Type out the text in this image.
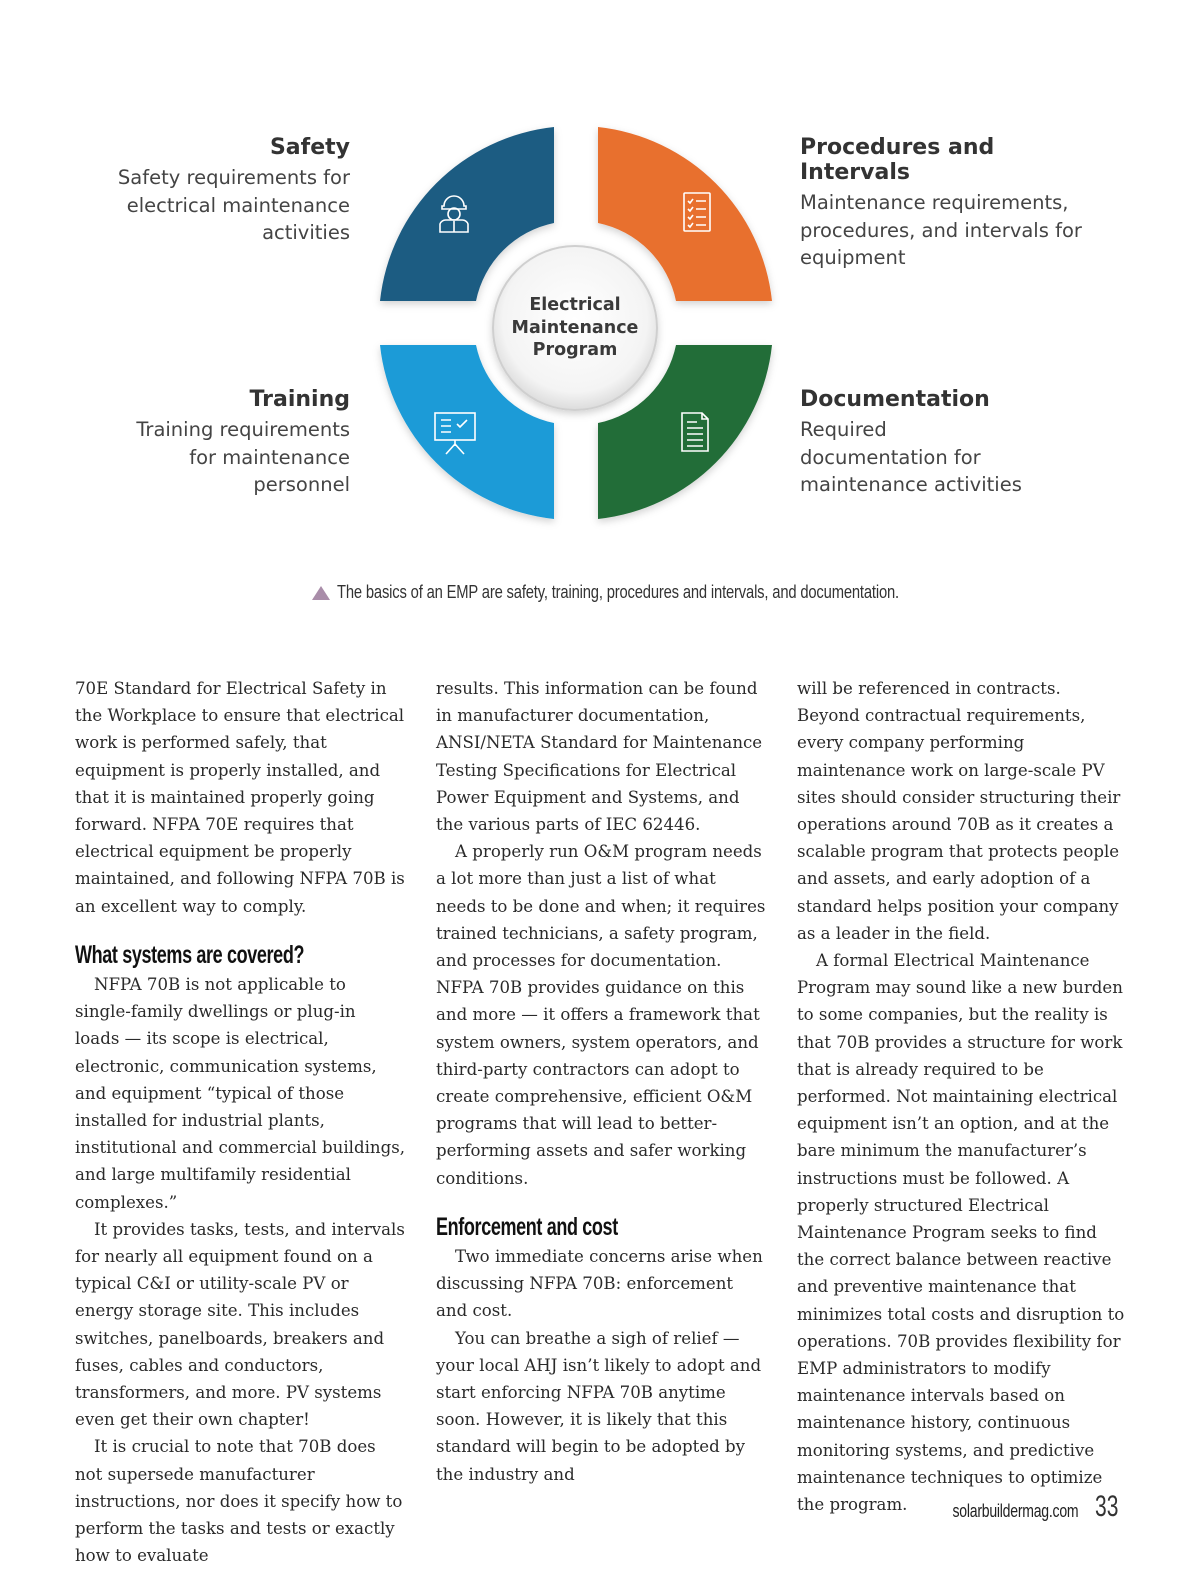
Electrical
Maintenance
Program
Safety
Safety requirements for
electrical maintenance
activities
Procedures and Intervals
Maintenance requirements,
procedures, and intervals for
equipment
Training
Training requirements
for maintenance
personnel
Documentation
Required
documentation for
maintenance activities
The basics of an EMP are safety, training, procedures and intervals, and documentation.

70E Standard for Electrical Safety in the Workplace to ensure that electrical work is performed safely, that equipment is properly installed, and that it is maintained properly going forward. NFPA 70E requires that electrical equipment be properly maintained, and following NFPA 70B is an excellent way to comply.

What systems are covered?

NFPA 70B is not applicable to single-family dwellings or plug-in loads — its scope is electrical, electronic, communication systems, and equipment “typical of those installed for industrial plants, institutional and commercial buildings, and large multifamily residential complexes.”

It provides tasks, tests, and intervals for nearly all equipment found on a typical C&I or utility-scale PV or energy storage site. This includes switches, panelboards, breakers and fuses, cables and conductors, transformers, and more. PV systems even get their own chapter!

It is crucial to note that 70B does not supersede manufacturer instructions, nor does it specify how to perform the tasks and tests or exactly how to evaluate

results. This information can be found in manufacturer documentation, ANSI/NETA Standard for Maintenance Testing Specifications for Electrical Power Equipment and Systems, and the various parts of IEC 62446.

A properly run O&M program needs a lot more than just a list of what needs to be done and when; it requires trained technicians, a safety program, and processes for documentation. NFPA 70B provides guidance on this and more — it offers a framework that system owners, system operators, and third-party contractors can adopt to create comprehensive, efficient O&M programs that will lead to better-performing assets and safer working conditions.

Enforcement and cost

Two immediate concerns arise when discussing NFPA 70B: enforcement and cost.

You can breathe a sigh of relief — your local AHJ isn’t likely to adopt and start enforcing NFPA 70B anytime soon. However, it is likely that this standard will begin to be adopted by the industry and

will be referenced in contracts. Beyond contractual requirements, every company performing maintenance work on large-scale PV sites should consider structuring their operations around 70B as it creates a scalable program that protects people and assets, and early adoption of a standard helps position your company as a leader in the field.

A formal Electrical Maintenance Program may sound like a new burden to some companies, but the reality is that 70B provides a structure for work that is already required to be performed. Not maintaining electrical equipment isn’t an option, and at the bare minimum the manufacturer’s instructions must be followed. A properly structured Electrical Maintenance Program seeks to find the correct balance between reactive and preventive maintenance that minimizes total costs and disruption to operations. 70B provides flexibility for EMP administrators to modify maintenance intervals based on maintenance history, continuous monitoring systems, and predictive maintenance techniques to optimize the program.	solarbuildermag.com 33
